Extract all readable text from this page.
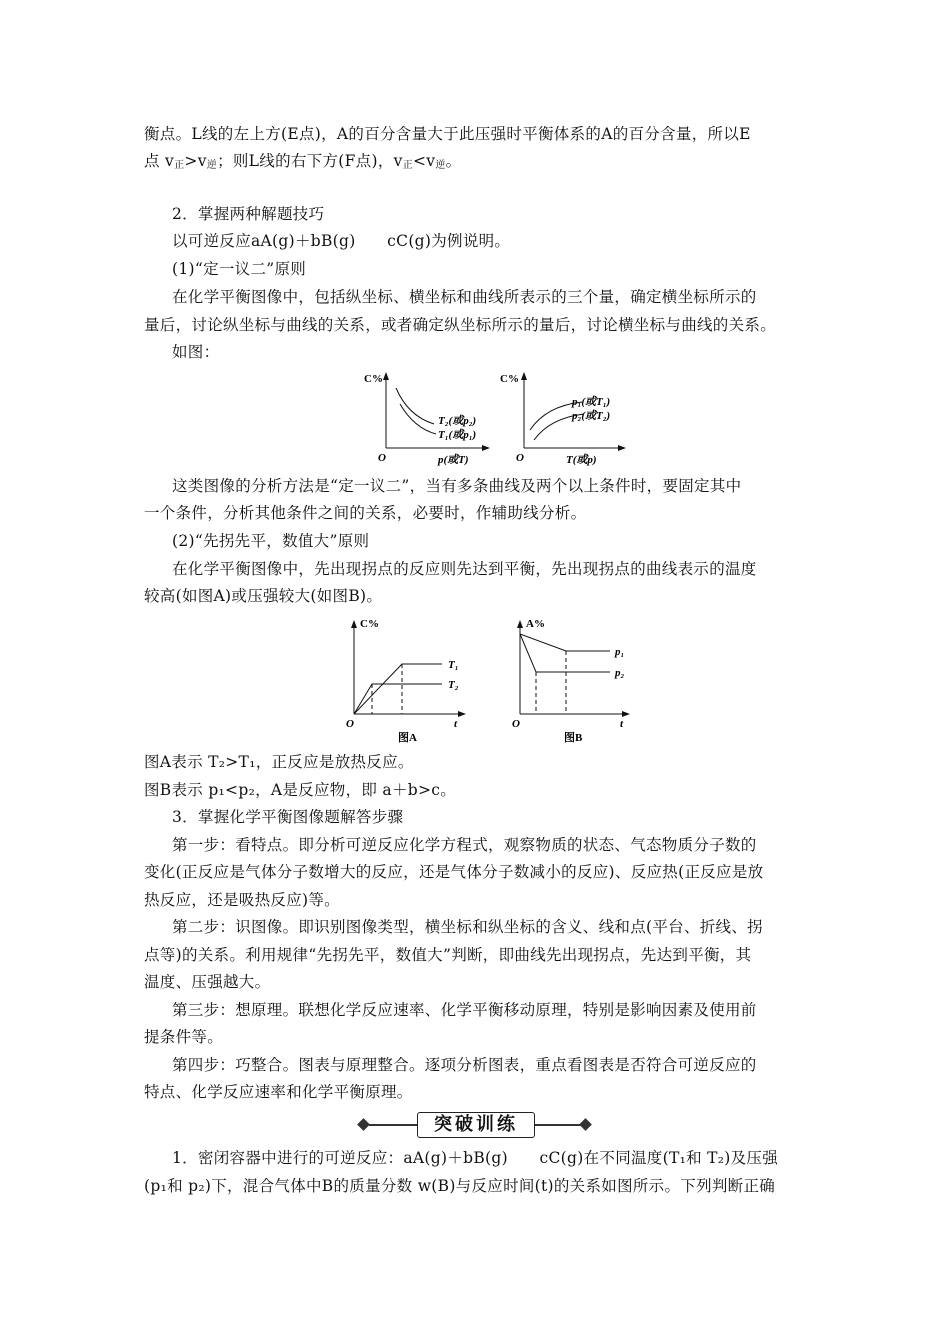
衡点。L线的左上方(E点)，A的百分含量大于此压强时平衡体系的A的百分含量，所以E
点 $v_正>v_逆$；则L线的右下方(F点)，$v_正<v_逆$。
2．掌握两种解题技巧
以可逆反应aA(g)＋bB(g)　　cC(g)为例说明。
(1)“定一议二”原则
在化学平衡图像中，包括纵坐标、横坐标和曲线所表示的三个量，确定横坐标所示的
量后，讨论纵坐标与曲线的关系，或者确定纵坐标所示的量后，讨论横坐标与曲线的关系。
如图：
C%
O	p(或T)
T₂(或p₂)
T₁(或p₁)
C%
O	T(或p)
p₁(或T₁)
p₂(或T₂)
这类图像的分析方法是“定一议二”，当有多条曲线及两个以上条件时，要固定其中
一个条件，分析其他条件之间的关系，必要时，作辅助线分析。
(2)“先拐先平，数值大”原则
在化学平衡图像中，先出现拐点的反应则先达到平衡，先出现拐点的曲线表示的温度
较高(如图A)或压强较大(如图B)。
C%
O	t
T₁
T₂
图A
A%
O	t
p₁
p₂
图B
图A表示 T₂>T₁，正反应是放热反应。
图B表示 p₁<p₂，A是反应物，即 a＋b>c。
3．掌握化学平衡图像题解答步骤
第一步：看特点。即分析可逆反应化学方程式，观察物质的状态、气态物质分子数的
变化(正反应是气体分子数增大的反应，还是气体分子数减小的反应)、反应热(正反应是放
热反应，还是吸热反应)等。
第二步：识图像。即识别图像类型，横坐标和纵坐标的含义、线和点(平台、折线、拐
点等)的关系。利用规律“先拐先平，数值大”判断，即曲线先出现拐点，先达到平衡，其
温度、压强越大。
第三步：想原理。联想化学反应速率、化学平衡移动原理，特别是影响因素及使用前
提条件等。
第四步：巧整合。图表与原理整合。逐项分析图表，重点看图表是否符合可逆反应的
特点、化学反应速率和化学平衡原理。
突破训练
1．密闭容器中进行的可逆反应：aA(g)＋bB(g)　　cC(g)在不同温度(T₁和 T₂)及压强
(p₁和 p₂)下，混合气体中B的质量分数 w(B)与反应时间(t)的关系如图所示。下列判断正确
